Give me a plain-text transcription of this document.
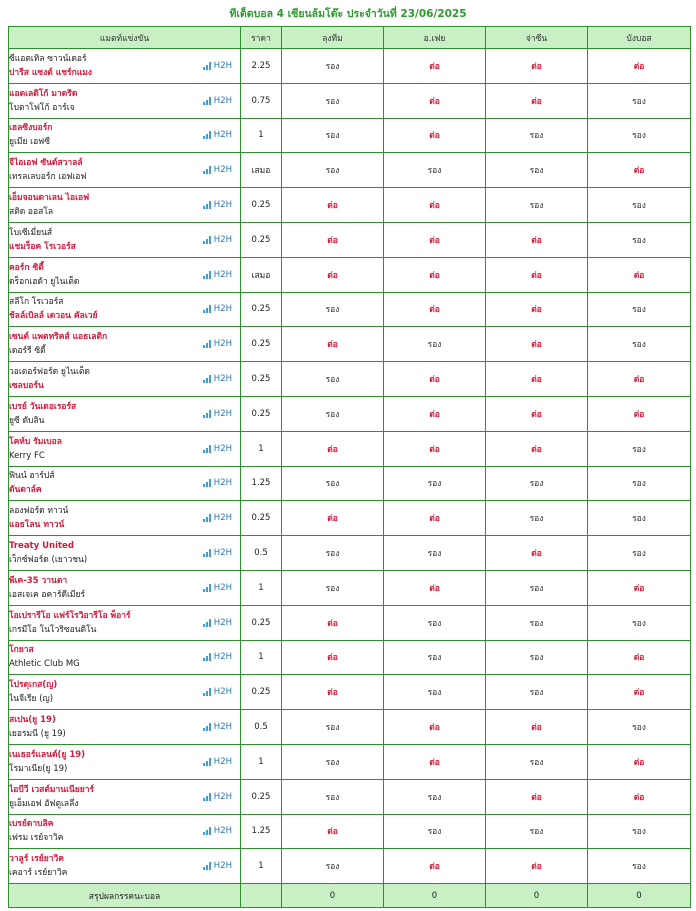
ทีเด็ดบอล 4 เซียนล้มโต๊ะ ประจำวันที่ 23/06/2025
แมตท์แข่งขัน	ราคา	ลุงทีม	อ.เฟย	จ่าซีน	บังบอส

ซีแอตเทิล ซาวน์เดอร์
ปารีส แซงต์ แชร์กแมง
H2H	2.25	รอง	ต่อ	ต่อ	ต่อ

แอตเลติโก้ มาดริด
โบตาโฟโก้ อาร์เจ
H2H	0.75	รอง	ต่อ	ต่อ	รอง

เฮลซิงบอร์ก
ยูเมีย เอฟซี
H2H	1	รอง	ต่อ	รอง	รอง

จีไอเอฟ ซันด์สวาลล์
เทรลเลบอร์ก เอฟเอฟ
H2H	เสมอ	รอง	รอง	รอง	ต่อ

เอ็มจอนดาเลน ไอเอฟ
สติด ออสโล
H2H	0.25	ต่อ	ต่อ	รอง	รอง

โบเซีเมี่ยนส์
แชมร็อค โรเวอร์ส
H2H	0.25	ต่อ	ต่อ	ต่อ	รอง

คอร์ก ซิตี้
ดร็อกเฮด้า ยูไนเต็ด
H2H	เสมอ	ต่อ	ต่อ	ต่อ	ต่อ

สลีโก โรเวอร์ส
ช้ลล์เบิลล์ เดวอน คัลเวย์
H2H	0.25	รอง	ต่อ	ต่อ	รอง

เซนต์ แพตทริคส์ แอธเลติก
เดอร์รี ซิตี้
H2H	0.25	ต่อ	รอง	ต่อ	รอง

วอเตอร์ฟอร์ด ยูไนเต็ด
เซลบอร์น
H2H	0.25	รอง	ต่อ	ต่อ	ต่อ

เบรย์ วันเดอเรอร์ส
ยูซี ดับลิน
H2H	0.25	รอง	ต่อ	ต่อ	ต่อ

โคห์บ รัมเบอล
Kerry FC
H2H	1	ต่อ	ต่อ	ต่อ	รอง

ฟินน์ ฮาร์ปส์
ดันดาล์ค
H2H	1.25	รอง	รอง	รอง	รอง

ลองฟอร์ด ทาวน์
แอธโลน ทาวน์
H2H	0.25	ต่อ	ต่อ	รอง	รอง

Treaty United
เว็กซ์ฟอร์ด (เยาวชน)
H2H	0.5	รอง	รอง	ต่อ	รอง

พีเค-35 วานตา
เอสเจเค อคาร์ดีเมียร์
H2H	1	รอง	ต่อ	รอง	ต่อ

โอเปรารีโอ แฟร์โรวิอารีโอ พ็อาร์
เกรมีโอ โนโวริซอนติโน
H2H	0.25	ต่อ	รอง	รอง	รอง

โกยาส
Athletic Club MG
H2H	1	ต่อ	รอง	รอง	ต่อ

โปรตุเกส(ญ)
ไนจีเรีย (ญ)
H2H	0.25	ต่อ	รอง	รอง	ต่อ

สเปน(ยู 19)
เยอรมนี (ยู 19)
H2H	0.5	รอง	ต่อ	ต่อ	รอง

เนเธอร์แลนด์(ยู 19)
โรมาเนีย(ยู 19)
H2H	1	รอง	ต่อ	รอง	ต่อ

ไอบีวี เวสต์มานเนียยาร์
ยูเอ็มเอฟ อัฟตูเลลึ่ง
H2H	0.25	รอง	รอง	ต่อ	ต่อ

เบรย์ดาบลิค
เฟรม เรย์จาวิค
H2H	1.25	ต่อ	รอง	รอง	รอง

วาลูร์ เรย์ยาวิค
เคอาร์ เรย์ยาวิค
H2H	1	รอง	ต่อ	ต่อ	รอง
สรุปผลกรรคนะบอล		0	0	0	0
